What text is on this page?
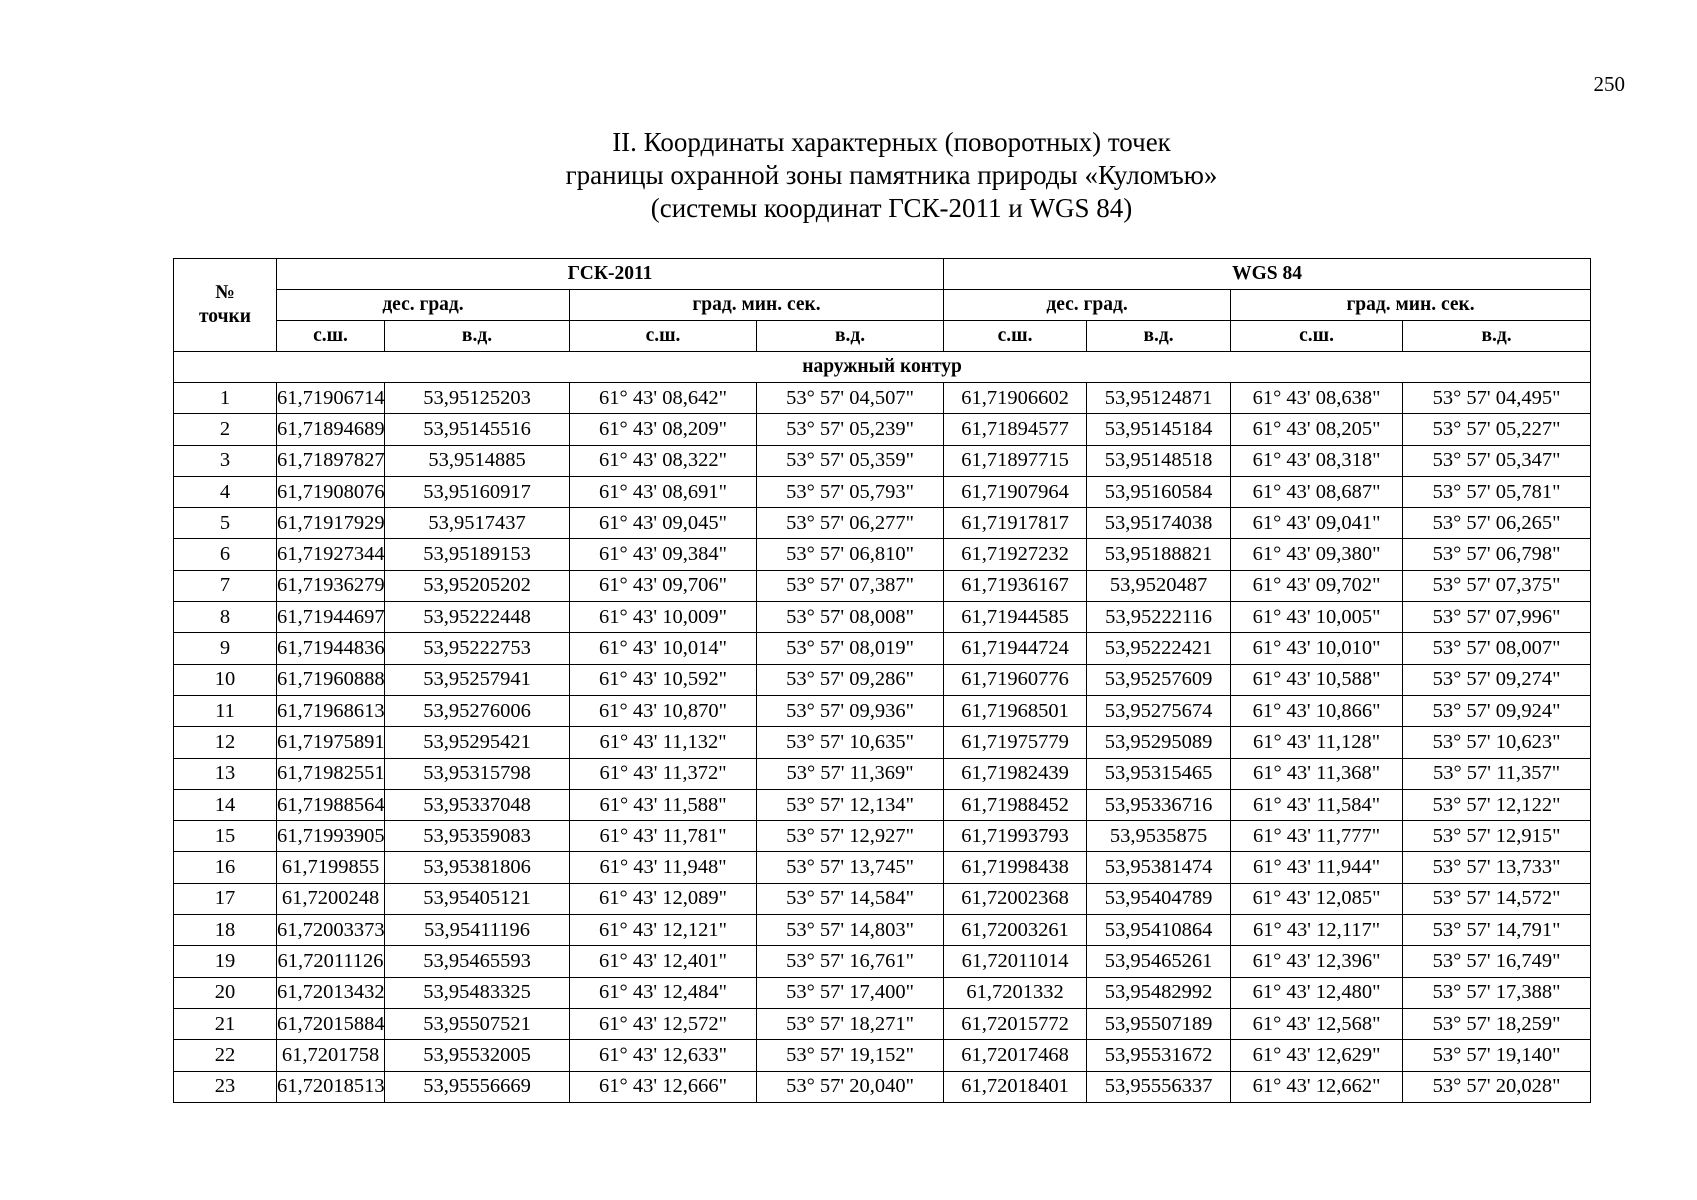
250
II. Координаты характерных (поворотных) точек
границы охранной зоны памятника природы «Куломъю»
(системы координат ГСК-2011 и WGS 84)
№
точки	ГСК-2011				WGS 84			
	дес. град.		град. мин. сек.		дес. град.		град. мин. сек.	
	с.ш.	в.д.	с.ш.	в.д.	с.ш.	в.д.	с.ш.	в.д.
наружный контур								
1	61,71906714	53,95125203	61° 43' 08,642"	53° 57' 04,507"	61,71906602	53,95124871	61° 43' 08,638"	53° 57' 04,495"
2	61,71894689	53,95145516	61° 43' 08,209"	53° 57' 05,239"	61,71894577	53,95145184	61° 43' 08,205"	53° 57' 05,227"
3	61,71897827	53,9514885	61° 43' 08,322"	53° 57' 05,359"	61,71897715	53,95148518	61° 43' 08,318"	53° 57' 05,347"
4	61,71908076	53,95160917	61° 43' 08,691"	53° 57' 05,793"	61,71907964	53,95160584	61° 43' 08,687"	53° 57' 05,781"
5	61,71917929	53,9517437	61° 43' 09,045"	53° 57' 06,277"	61,71917817	53,95174038	61° 43' 09,041"	53° 57' 06,265"
6	61,71927344	53,95189153	61° 43' 09,384"	53° 57' 06,810"	61,71927232	53,95188821	61° 43' 09,380"	53° 57' 06,798"
7	61,71936279	53,95205202	61° 43' 09,706"	53° 57' 07,387"	61,71936167	53,9520487	61° 43' 09,702"	53° 57' 07,375"
8	61,71944697	53,95222448	61° 43' 10,009"	53° 57' 08,008"	61,71944585	53,95222116	61° 43' 10,005"	53° 57' 07,996"
9	61,71944836	53,95222753	61° 43' 10,014"	53° 57' 08,019"	61,71944724	53,95222421	61° 43' 10,010"	53° 57' 08,007"
10	61,71960888	53,95257941	61° 43' 10,592"	53° 57' 09,286"	61,71960776	53,95257609	61° 43' 10,588"	53° 57' 09,274"
11	61,71968613	53,95276006	61° 43' 10,870"	53° 57' 09,936"	61,71968501	53,95275674	61° 43' 10,866"	53° 57' 09,924"
12	61,71975891	53,95295421	61° 43' 11,132"	53° 57' 10,635"	61,71975779	53,95295089	61° 43' 11,128"	53° 57' 10,623"
13	61,71982551	53,95315798	61° 43' 11,372"	53° 57' 11,369"	61,71982439	53,95315465	61° 43' 11,368"	53° 57' 11,357"
14	61,71988564	53,95337048	61° 43' 11,588"	53° 57' 12,134"	61,71988452	53,95336716	61° 43' 11,584"	53° 57' 12,122"
15	61,71993905	53,95359083	61° 43' 11,781"	53° 57' 12,927"	61,71993793	53,9535875	61° 43' 11,777"	53° 57' 12,915"
16	61,7199855	53,95381806	61° 43' 11,948"	53° 57' 13,745"	61,71998438	53,95381474	61° 43' 11,944"	53° 57' 13,733"
17	61,7200248	53,95405121	61° 43' 12,089"	53° 57' 14,584"	61,72002368	53,95404789	61° 43' 12,085"	53° 57' 14,572"
18	61,72003373	53,95411196	61° 43' 12,121"	53° 57' 14,803"	61,72003261	53,95410864	61° 43' 12,117"	53° 57' 14,791"
19	61,72011126	53,95465593	61° 43' 12,401"	53° 57' 16,761"	61,72011014	53,95465261	61° 43' 12,396"	53° 57' 16,749"
20	61,72013432	53,95483325	61° 43' 12,484"	53° 57' 17,400"	61,7201332	53,95482992	61° 43' 12,480"	53° 57' 17,388"
21	61,72015884	53,95507521	61° 43' 12,572"	53° 57' 18,271"	61,72015772	53,95507189	61° 43' 12,568"	53° 57' 18,259"
22	61,7201758	53,95532005	61° 43' 12,633"	53° 57' 19,152"	61,72017468	53,95531672	61° 43' 12,629"	53° 57' 19,140"
23	61,72018513	53,95556669	61° 43' 12,666"	53° 57' 20,040"	61,72018401	53,95556337	61° 43' 12,662"	53° 57' 20,028"
